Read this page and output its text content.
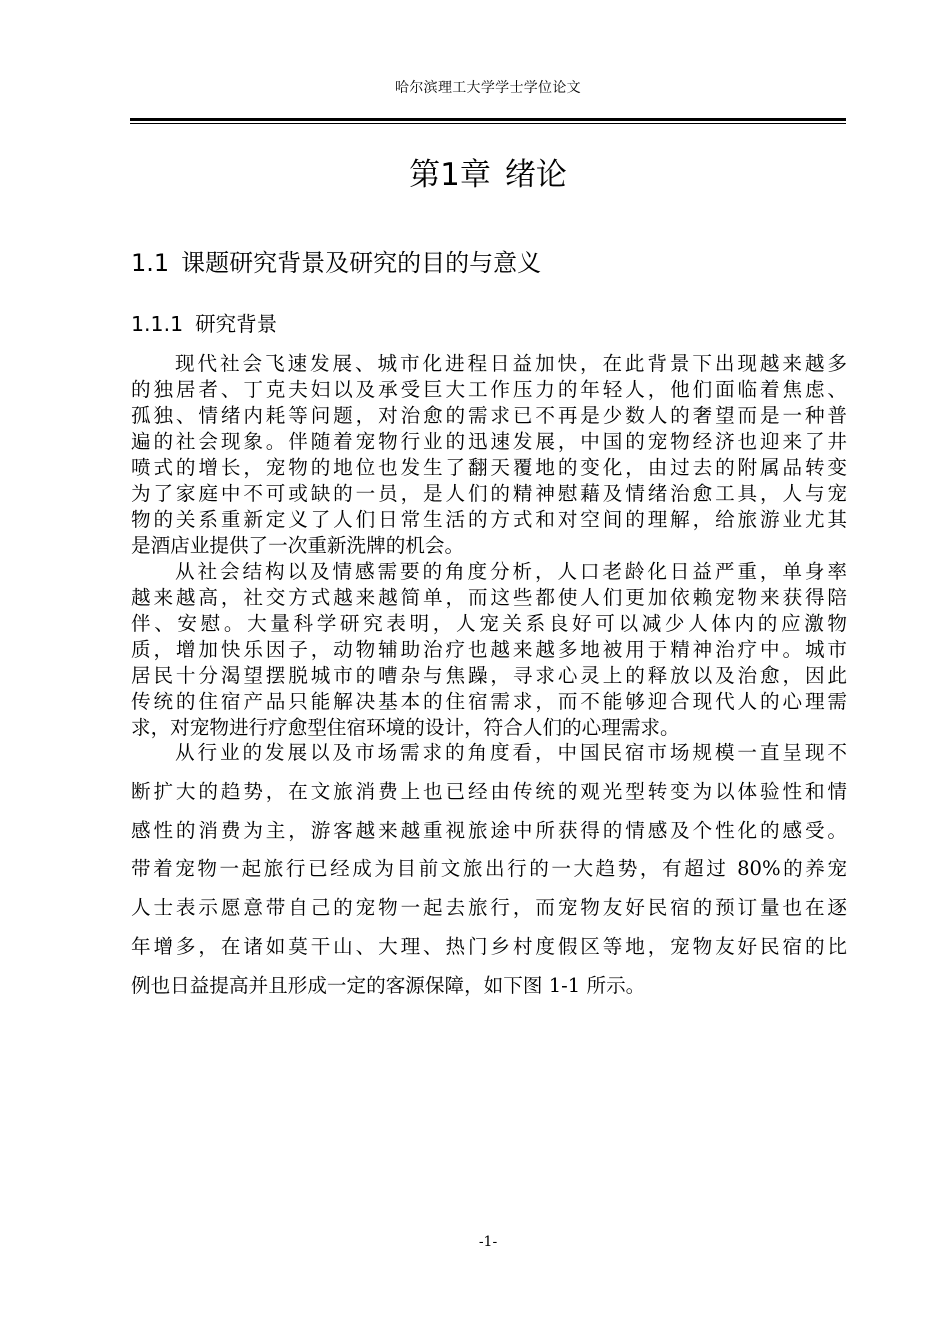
哈尔滨理工大学学士学位论文
第1章 绪论
1.1 课题研究背景及研究的目的与意义
1.1.1 研究背景
现代社会飞速发展、城市化进程日益加快，在此背景下出现越来越多
的独居者、丁克夫妇以及承受巨大工作压力的年轻人，他们面临着焦虑、
孤独、情绪内耗等问题，对治愈的需求已不再是少数人的奢望而是一种普
遍的社会现象。伴随着宠物行业的迅速发展，中国的宠物经济也迎来了井
喷式的增长，宠物的地位也发生了翻天覆地的变化，由过去的附属品转变
为了家庭中不可或缺的一员，是人们的精神慰藉及情绪治愈工具，人与宠
物的关系重新定义了人们日常生活的方式和对空间的理解，给旅游业尤其
是酒店业提供了一次重新洗牌的机会。
从社会结构以及情感需要的角度分析，人口老龄化日益严重，单身率
越来越高，社交方式越来越简单，而这些都使人们更加依赖宠物来获得陪
伴、安慰。大量科学研究表明，人宠关系良好可以减少人体内的应激物
质，增加快乐因子，动物辅助治疗也越来越多地被用于精神治疗中。城市
居民十分渴望摆脱城市的嘈杂与焦躁，寻求心灵上的释放以及治愈，因此
传统的住宿产品只能解决基本的住宿需求，而不能够迎合现代人的心理需
求，对宠物进行疗愈型住宿环境的设计，符合人们的心理需求。
从行业的发展以及市场需求的角度看，中国民宿市场规模一直呈现不
断扩大的趋势，在文旅消费上也已经由传统的观光型转变为以体验性和情
感性的消费为主，游客越来越重视旅途中所获得的情感及个性化的感受。
带着宠物一起旅行已经成为目前文旅出行的一大趋势，有超过 80%的养宠
人士表示愿意带自己的宠物一起去旅行，而宠物友好民宿的预订量也在逐
年增多，在诸如莫干山、大理、热门乡村度假区等地，宠物友好民宿的比
例也日益提高并且形成一定的客源保障，如下图 1-1 所示。
-1-
